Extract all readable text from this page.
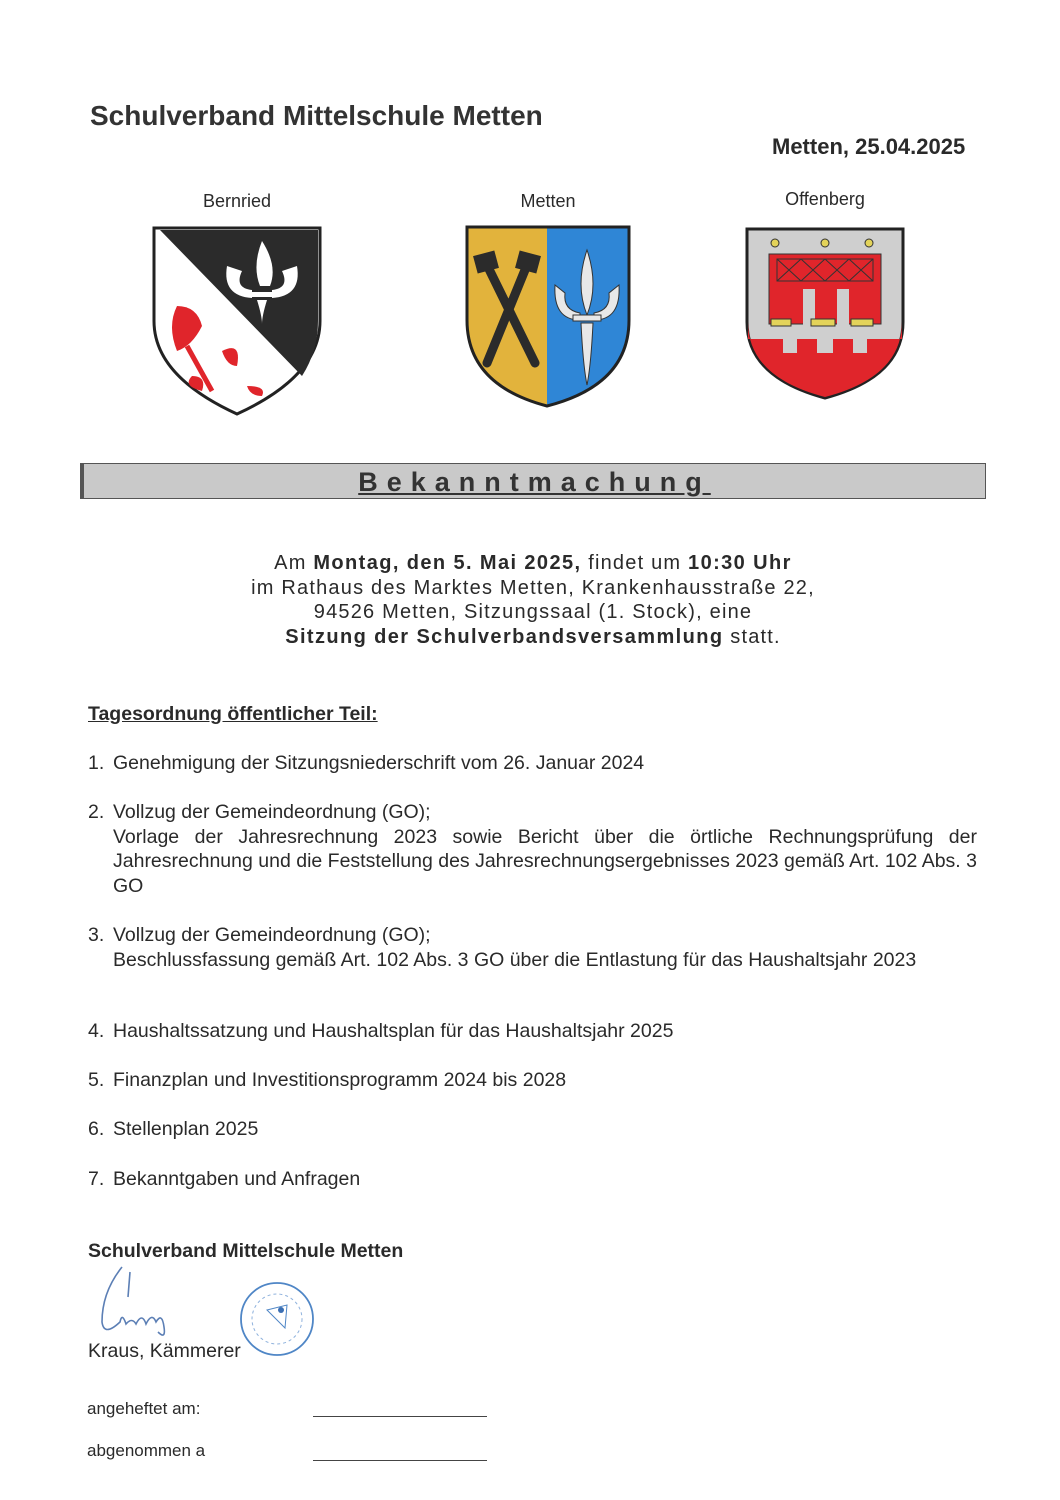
Schulverband Mittelschule Metten
Metten, 25.04.2025
Bernried	Metten	Offenberg
Bekanntmachung
Am Montag, den 5. Mai 2025, findet um 10:30 Uhr
im Rathaus des Marktes Metten, Krankenhausstraße 22,
94526 Metten, Sitzungssaal (1. Stock), eine
Sitzung der Schulverbandsversammlung statt.
Tagesordnung öffentlicher Teil:
1. Genehmigung der Sitzungsniederschrift vom 26. Januar 2024
2. Vollzug der Gemeindeordnung (GO);
Vorlage der Jahresrechnung 2023 sowie Bericht über die örtliche Rechnungsprüfung der Jahresrechnung und die Feststellung des Jahresrechnungsergebnisses 2023 gemäß Art. 102 Abs. 3 GO
3. Vollzug der Gemeindeordnung (GO);
Beschlussfassung gemäß Art. 102 Abs. 3 GO über die Entlastung für das Haushaltsjahr 2023
4. Haushaltssatzung und Haushaltsplan für das Haushaltsjahr 2025
5. Finanzplan und Investitionsprogramm 2024 bis 2028
6. Stellenplan 2025
7. Bekanntgaben und Anfragen
Schulverband Mittelschule Metten
Kraus, Kämmerer
angeheftet am:
abgenommen a
